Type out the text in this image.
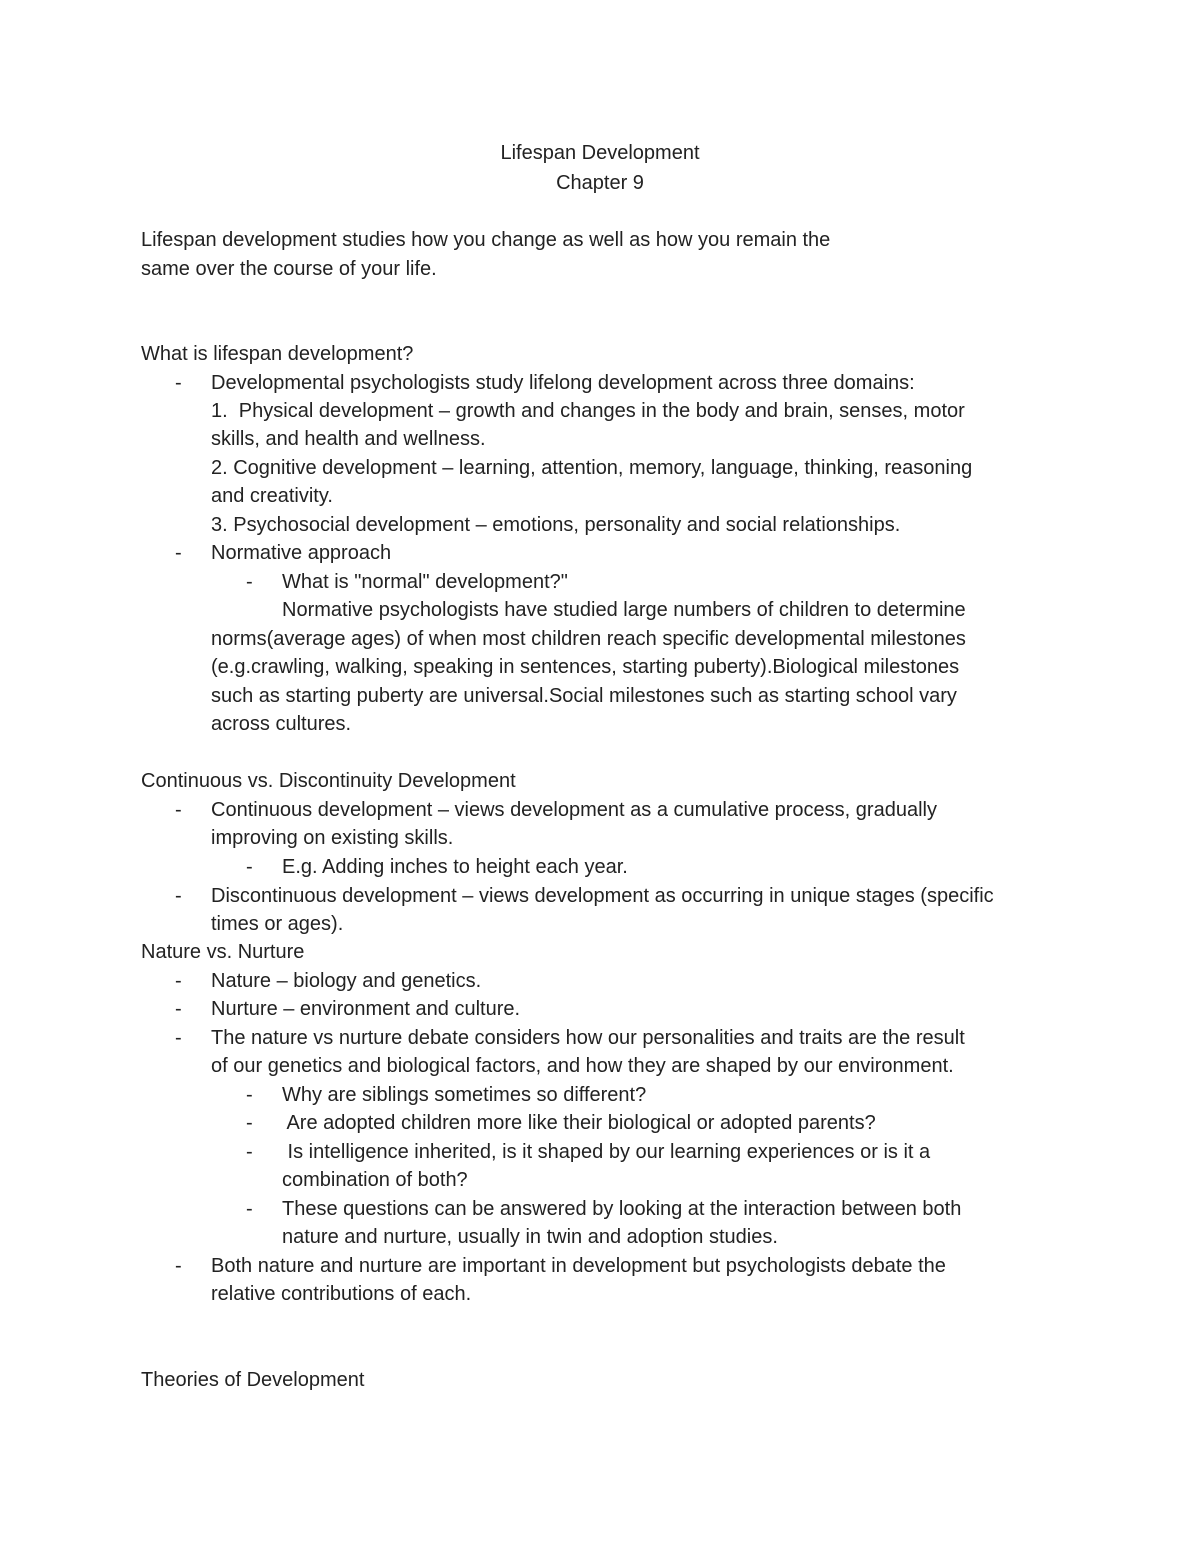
Lifespan Development
Chapter 9
Lifespan development studies how you change as well as how you remain the
same over the course of your life.
What is lifespan development?
- Developmental psychologists study lifelong development across three domains:
1.  Physical development – growth and changes in the body and brain, senses, motor
skills, and health and wellness.
2. Cognitive development – learning, attention, memory, language, thinking, reasoning
and creativity.
3. Psychosocial development – emotions, personality and social relationships.
- Normative approach
- What is "normal" development?"
Normative psychologists have studied large numbers of children to determine
norms(average ages) of when most children reach specific developmental milestones
(e.g.crawling, walking, speaking in sentences, starting puberty).Biological milestones
such as starting puberty are universal.Social milestones such as starting school vary
across cultures.
Continuous vs. Discontinuity Development
- Continuous development – views development as a cumulative process, gradually
improving on existing skills.
- E.g. Adding inches to height each year.
- Discontinuous development – views development as occurring in unique stages (specific
times or ages).
Nature vs. Nurture
- Nature – biology and genetics.
- Nurture – environment and culture.
- The nature vs nurture debate considers how our personalities and traits are the result
of our genetics and biological factors, and how they are shaped by our environment.
- Why are siblings sometimes so different?
- Are adopted children more like their biological or adopted parents?
- Is intelligence inherited, is it shaped by our learning experiences or is it a
combination of both?
- These questions can be answered by looking at the interaction between both
nature and nurture, usually in twin and adoption studies.
- Both nature and nurture are important in development but psychologists debate the
relative contributions of each.
Theories of Development
